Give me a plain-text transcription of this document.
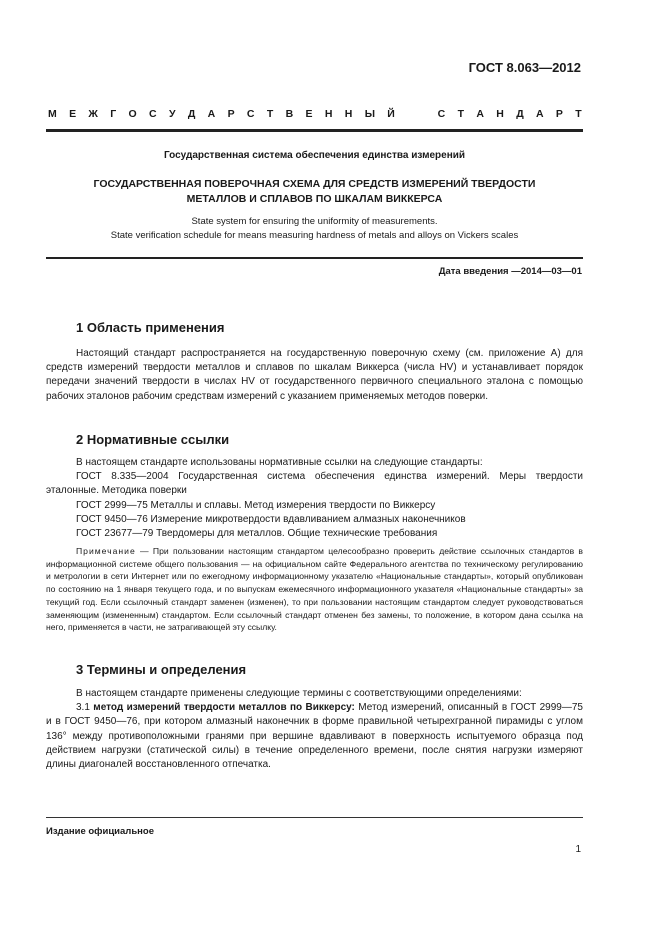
ГОСТ 8.063—2012
М Е Ж Г О С У Д А Р С Т В Е Н Н Ы Й

	С Т А Н Д А Р Т
Государственная система обеспечения единства измерений
ГОСУДАРСТВЕННАЯ ПОВЕРОЧНАЯ СХЕМА ДЛЯ СРЕДСТВ ИЗМЕРЕНИЙ ТВЕРДОСТИ
МЕТАЛЛОВ И СПЛАВОВ ПО ШКАЛАМ ВИККЕРСА
State system for ensuring the uniformity of measurements.
State verification schedule for means measuring hardness of metals and alloys on Vickers scales
Дата введения —2014—03—01
1 Область применения

Настоящий стандарт распространяется на государственную поверочную схему (см. приложение А) для средств измерений твердости металлов и сплавов по шкалам Виккерса (числа HV) и устанавливает порядок передачи значений твердости в числах HV от государственного первичного специального эталона с помощью рабочих эталонов рабочим средствам измерений с указанием применяемых методов поверки.

2 Нормативные ссылки

В настоящем стандарте использованы нормативные ссылки на следующие стандарты:

ГОСТ 8.335—2004 Государственная система обеспечения единства измерений. Меры твердости эталонные. Методика поверки

ГОСТ 2999—75 Металлы и сплавы. Метод измерения твердости по Виккерсу

ГОСТ 9450—76 Измерение микротвердости вдавливанием алмазных наконечников

ГОСТ 23677—79 Твердомеры для металлов. Общие технические требования

Примечание — При пользовании настоящим стандартом целесообразно проверить действие ссылочных стандартов в информационной системе общего пользования — на официальном сайте Федерального агентства по техническому регулированию и метрологии в сети Интернет или по ежегодному информационному указателю «Национальные стандарты», который опубликован по состоянию на 1 января текущего года, и по выпускам ежемесячного информационного указателя «Национальные стандарты» за текущий год. Если ссылочный стандарт заменен (изменен), то при пользовании настоящим стандартом следует руководствоваться заменяющим (измененным) стандартом. Если ссылочный стандарт отменен без замены, то положение, в котором дана ссылка на него, применяется в части, не затрагивающей эту ссылку.

3 Термины и определения

В настоящем стандарте применены следующие термины с соответствующими определениями:

3.1 метод измерений твердости металлов по Виккерсу: Метод измерений, описанный в ГОСТ 2999—75 и в ГОСТ 9450—76, при котором алмазный наконечник в форме правильной четырехгранной пирамиды с углом 136° между противоположными гранями при вершине вдавливают в поверхность испытуемого образца под действием нагрузки (статической силы) в течение определенного времени, после снятия нагрузки измеряют длины диагоналей восстановленного отпечатка.

Издание официальное
1
